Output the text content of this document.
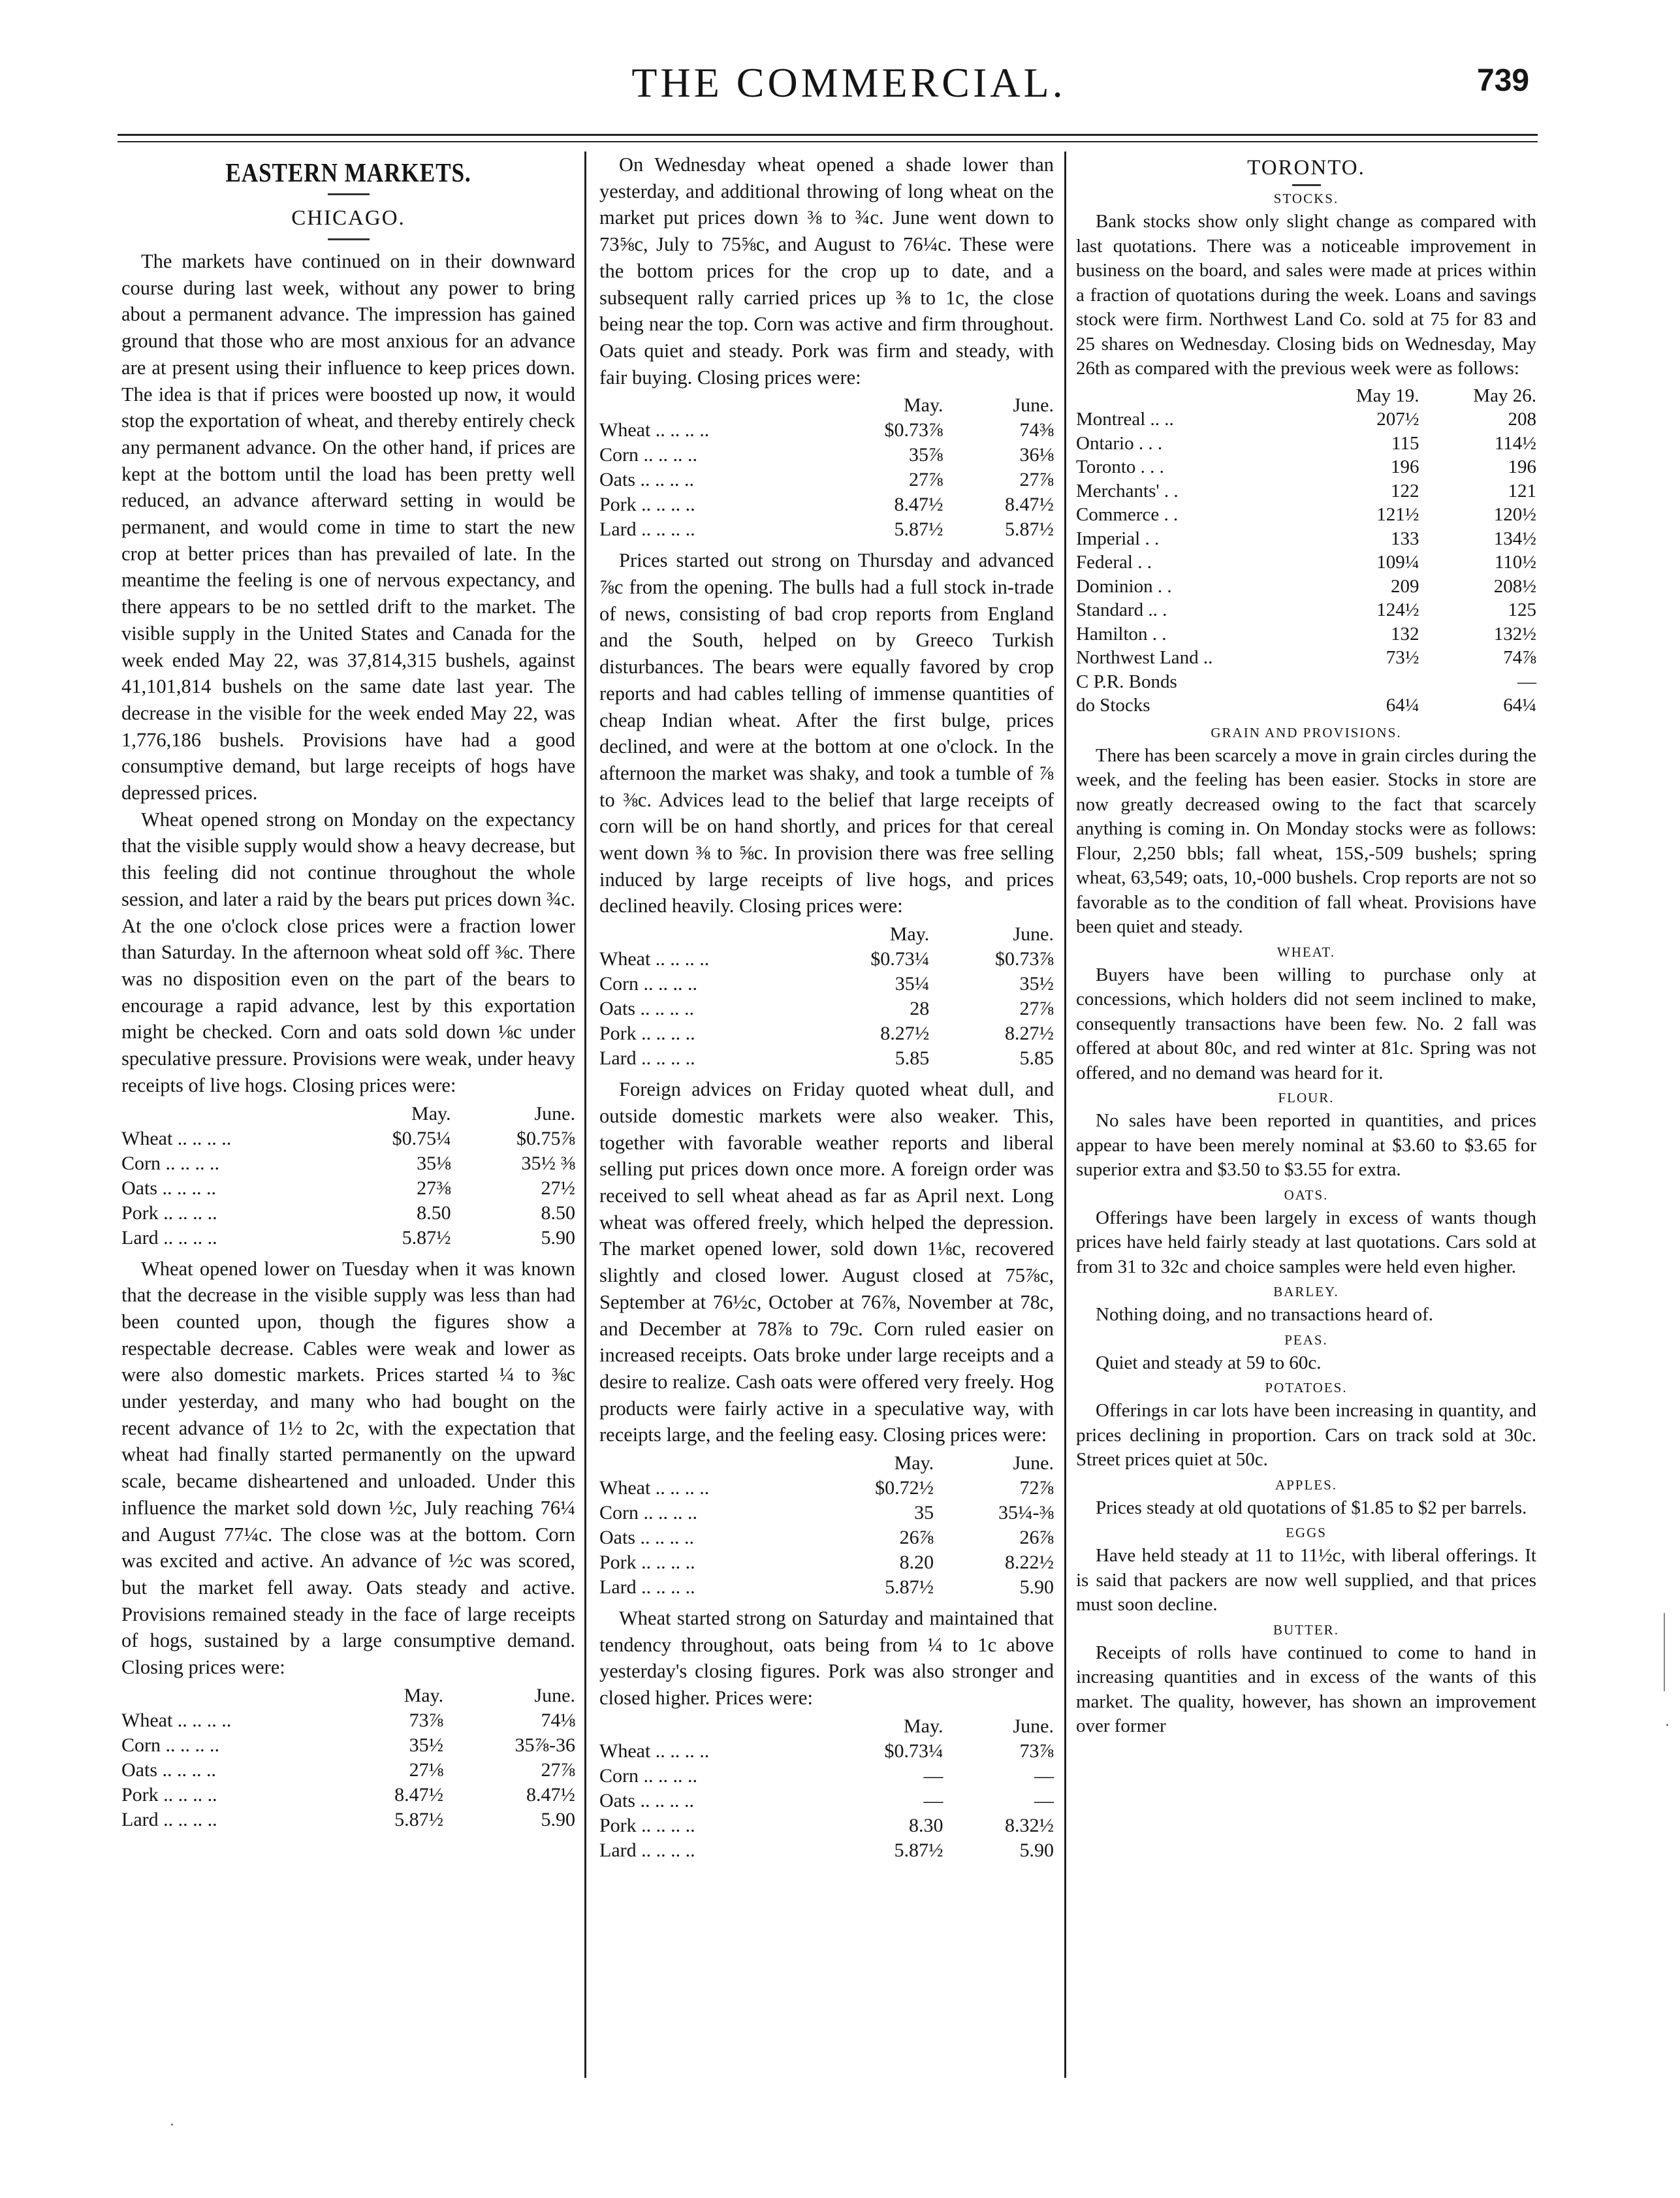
THE COMMERCIAL.	739
EASTERN MARKETS.
CHICAGO.

The markets have continued on in their downward course during last week, without any power to bring about a permanent advance. The impression has gained ground that those who are most anxious for an advance are at present using their influence to keep prices down. The idea is that if prices were boosted up now, it would stop the exportation of wheat, and thereby entirely check any permanent advance. On the other hand, if prices are kept at the bottom until the load has been pretty well reduced, an advance afterward setting in would be permanent, and would come in time to start the new crop at better prices than has prevailed of late. In the meantime the feeling is one of nervous expectancy, and there appears to be no settled drift to the market. The visible supply in the United States and Canada for the week ended May 22, was 37,814,315 bushels, against 41,101,814 bushels on the same date last year. The decrease in the visible for the week ended May 22, was 1,776,186 bushels. Provisions have had a good consumptive demand, but large receipts of hogs have depressed prices.

Wheat opened strong on Monday on the expectancy that the visible supply would show a heavy decrease, but this feeling did not continue throughout the whole session, and later a raid by the bears put prices down ¾c. At the one o'clock close prices were a fraction lower than Saturday. In the afternoon wheat sold off ⅜c. There was no disposition even on the part of the bears to encourage a rapid advance, lest by this exportation might be checked. Corn and oats sold down ⅛c under speculative pressure. Provisions were weak, under heavy receipts of live hogs. Closing prices were:

	May.	June.
Wheat .. .. .. ..	$0.75¼	$0.75⅞
Corn .. .. .. ..	35⅛	35½ ⅜
Oats .. .. .. ..	27⅜	27½
Pork .. .. .. ..	8.50	8.50
Lard .. .. .. ..	5.87½	5.90

Wheat opened lower on Tuesday when it was known that the decrease in the visible supply was less than had been counted upon, though the figures show a respectable decrease. Cables were weak and lower as were also domestic markets. Prices started ¼ to ⅜c under yesterday, and many who had bought on the recent advance of 1½ to 2c, with the expectation that wheat had finally started permanently on the upward scale, became disheartened and unloaded. Under this influence the market sold down ½c, July reaching 76¼ and August 77¼c. The close was at the bottom. Corn was excited and active. An advance of ½c was scored, but the market fell away. Oats steady and active. Provisions remained steady in the face of large receipts of hogs, sustained by a large consumptive demand. Closing prices were:

	May.	June.
Wheat .. .. .. ..	73⅞	74⅛
Corn .. .. .. ..	35½	35⅞-36
Oats .. .. .. ..	27⅛	27⅞
Pork .. .. .. ..	8.47½	8.47½
Lard .. .. .. ..	5.87½	5.90

On Wednesday wheat opened a shade lower than yesterday, and additional throwing of long wheat on the market put prices down ⅜ to ¾c. June went down to 73⅝c, July to 75⅝c, and August to 76¼c. These were the bottom prices for the crop up to date, and a subsequent rally carried prices up ⅜ to 1c, the close being near the top. Corn was active and firm throughout. Oats quiet and steady. Pork was firm and steady, with fair buying. Closing prices were:

	May.	June.
Wheat .. .. .. ..	$0.73⅞	74⅜
Corn .. .. .. ..	35⅞	36⅛
Oats .. .. .. ..	27⅞	27⅞
Pork .. .. .. ..	8.47½	8.47½
Lard .. .. .. ..	5.87½	5.87½

Prices started out strong on Thursday and advanced ⅞c from the opening. The bulls had a full stock in-trade of news, consisting of bad crop reports from England and the South, helped on by Greeco Turkish disturbances. The bears were equally favored by crop reports and had cables telling of immense quantities of cheap Indian wheat. After the first bulge, prices declined, and were at the bottom at one o'clock. In the afternoon the market was shaky, and took a tumble of ⅞ to ⅜c. Advices lead to the belief that large receipts of corn will be on hand shortly, and prices for that cereal went down ⅜ to ⅝c. In provision there was free selling induced by large receipts of live hogs, and prices declined heavily. Closing prices were:

	May.	June.
Wheat .. .. .. ..	$0.73¼	$0.73⅞
Corn .. .. .. ..	35¼	35½
Oats .. .. .. ..	28	27⅞
Pork .. .. .. ..	8.27½	8.27½
Lard .. .. .. ..	5.85	5.85

Foreign advices on Friday quoted wheat dull, and outside domestic markets were also weaker. This, together with favorable weather reports and liberal selling put prices down once more. A foreign order was received to sell wheat ahead as far as April next. Long wheat was offered freely, which helped the depression. The market opened lower, sold down 1⅛c, recovered slightly and closed lower. August closed at 75⅞c, September at 76½c, October at 76⅞, November at 78c, and December at 78⅞ to 79c. Corn ruled easier on increased receipts. Oats broke under large receipts and a desire to realize. Cash oats were offered very freely. Hog products were fairly active in a speculative way, with receipts large, and the feeling easy. Closing prices were:

	May.	June.
Wheat .. .. .. ..	$0.72½	72⅞
Corn .. .. .. ..	35	35¼-⅜
Oats .. .. .. ..	26⅞	26⅞
Pork .. .. .. ..	8.20	8.22½
Lard .. .. .. ..	5.87½	5.90

Wheat started strong on Saturday and maintained that tendency throughout, oats being from ¼ to 1c above yesterday's closing figures. Pork was also stronger and closed higher. Prices were:

	May.	June.
Wheat .. .. .. ..	$0.73¼	73⅞
Corn .. .. .. ..	—	—
Oats .. .. .. ..	—	—
Pork .. .. .. ..	8.30	8.32½
Lard .. .. .. ..	5.87½	5.90
TORONTO.
STOCKS.

Bank stocks show only slight change as compared with last quotations. There was a noticeable improvement in business on the board, and sales were made at prices within a fraction of quotations during the week. Loans and savings stock were firm. Northwest Land Co. sold at 75 for 83 and 25 shares on Wednesday. Closing bids on Wednesday, May 26th as compared with the previous week were as follows:

	May 19.	May 26.
Montreal .. ..	207½	208
Ontario . . .	115	114½
Toronto . . .	196	196
Merchants' . .	122	121
Commerce . .	121½	120½
Imperial . .	133	134½
Federal . .	109¼	110½
Dominion . .	209	208½
Standard .. .	124½	125
Hamilton . .	132	132½
Northwest Land ..	73½	74⅞
C P.R. Bonds		—
do Stocks	64¼	64¼
GRAIN AND PROVISIONS.

There has been scarcely a move in grain circles during the week, and the feeling has been easier. Stocks in store are now greatly decreased owing to the fact that scarcely anything is coming in. On Monday stocks were as follows: Flour, 2,250 bbls; fall wheat, 15S,-509 bushels; spring wheat, 63,549; oats, 10,-000 bushels. Crop reports are not so favorable as to the condition of fall wheat. Provisions have been quiet and steady.

WHEAT.

Buyers have been willing to purchase only at concessions, which holders did not seem inclined to make, consequently transactions have been few. No. 2 fall was offered at about 80c, and red winter at 81c. Spring was not offered, and no demand was heard for it.

FLOUR.

No sales have been reported in quantities, and prices appear to have been merely nominal at $3.60 to $3.65 for superior extra and $3.50 to $3.55 for extra.

OATS.

Offerings have been largely in excess of wants though prices have held fairly steady at last quotations. Cars sold at from 31 to 32c and choice samples were held even higher.

BARLEY.

Nothing doing, and no transactions heard of.

PEAS.

Quiet and steady at 59 to 60c.

POTATOES.

Offerings in car lots have been increasing in quantity, and prices declining in proportion. Cars on track sold at 30c. Street prices quiet at 50c.

APPLES.

Prices steady at old quotations of $1.85 to $2 per barrels.

EGGS

Have held steady at 11 to 11½c, with liberal offerings. It is said that packers are now well supplied, and that prices must soon decline.

BUTTER.

Receipts of rolls have continued to come to hand in increasing quantities and in excess of the wants of this market. The quality, however, has shown an improvement over former
